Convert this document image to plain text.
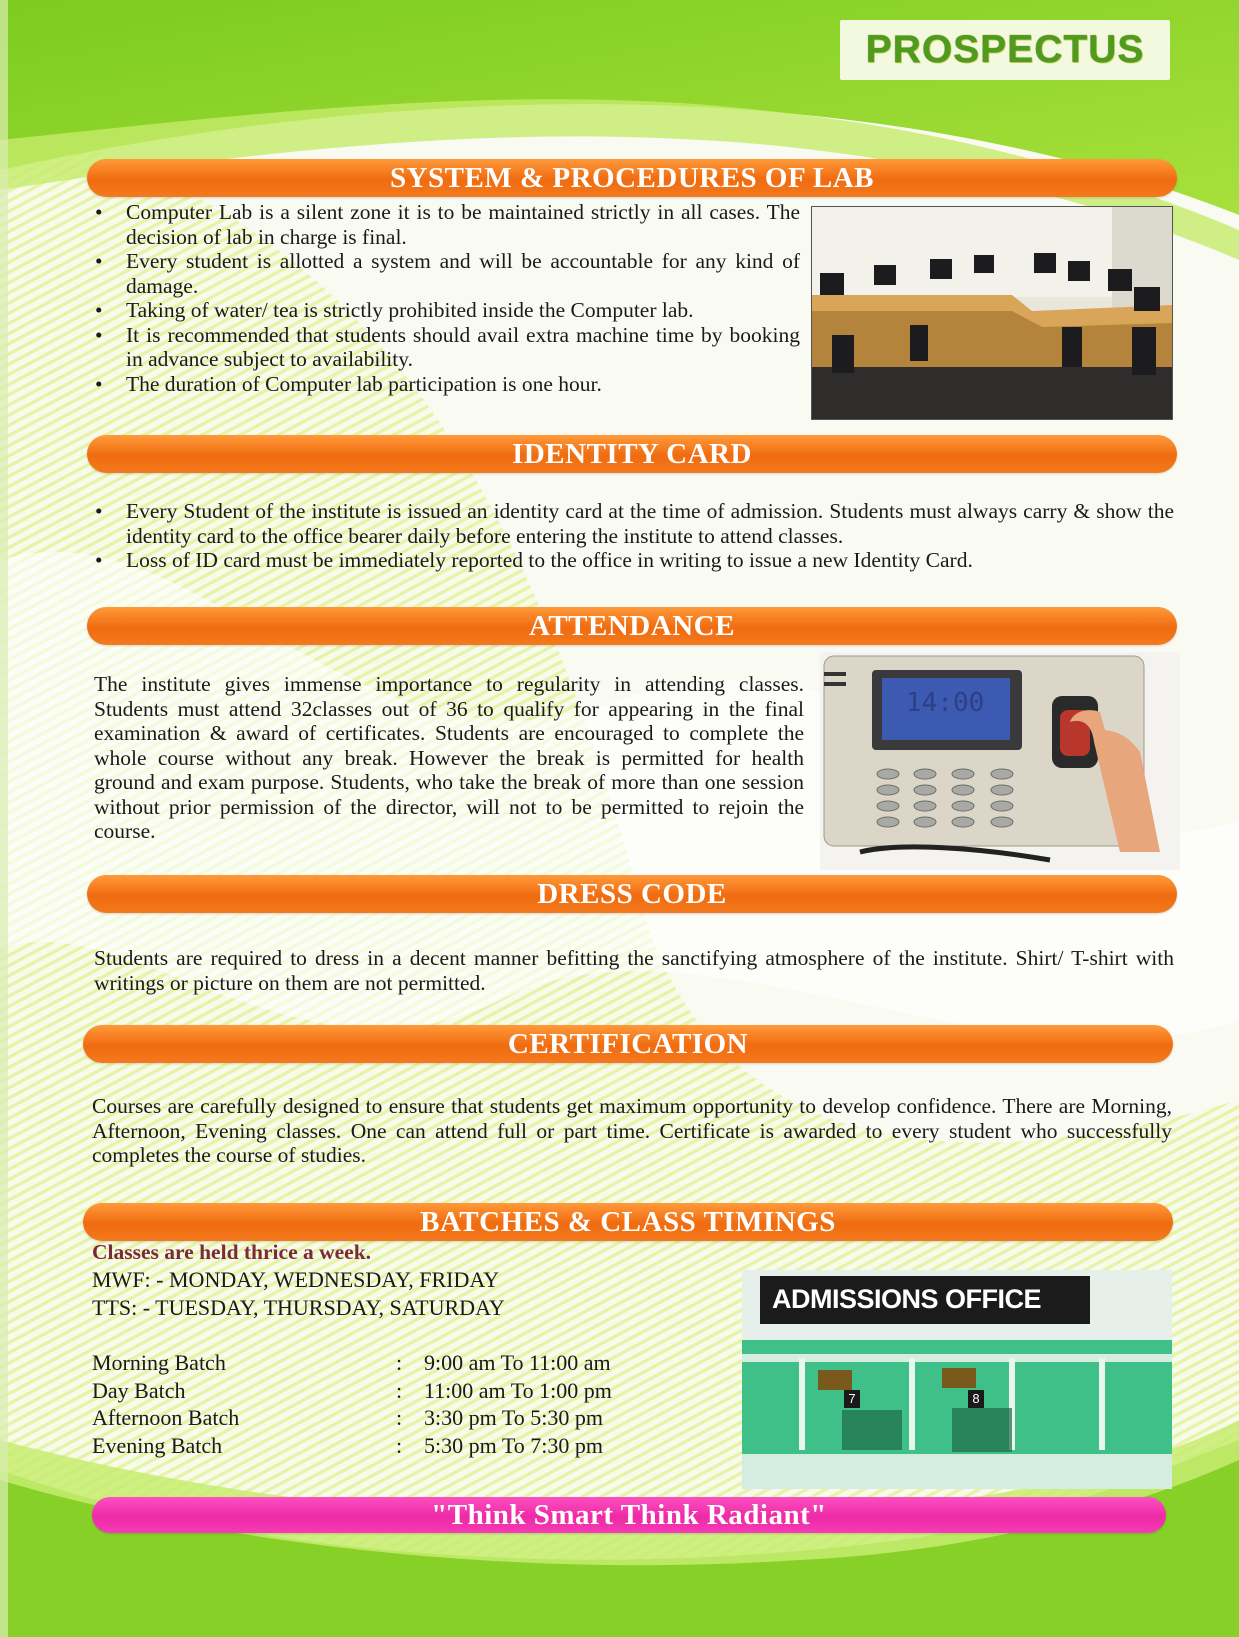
PROSPECTUS
SYSTEM & PROCEDURES OF LAB
• Computer Lab is a silent zone it is to be maintained strictly in all cases. The decision of lab in charge is final.
• Every student is allotted a system and will be accountable for any kind of damage.
• Taking of water/ tea is strictly prohibited inside the Computer lab.
• It is recommended that students should avail extra machine time by booking in advance subject to availability.
• The duration of Computer lab participation is one hour.
IDENTITY CARD
• Every Student of the institute is issued an identity card at the time of admission. Students must always carry & show the identity card to the office bearer daily before entering the institute to attend classes.
• Loss of ID card must be immediately reported to the office in writing to issue a new Identity Card.
ATTENDANCE
The institute gives immense importance to regularity in attending classes. Students must attend 32classes out of 36 to qualify for appearing in the final examination & award of certificates. Students are encouraged to complete the whole course without any break. However the break is permitted for health ground and exam purpose. Students, who take the break of more than one session without prior permission of the director, will not to be permitted to rejoin the course.
14:00
DRESS CODE
Students are required to dress in a decent manner befitting the sanctifying atmosphere of the institute. Shirt/ T-shirt with writings or picture on them are not permitted.
CERTIFICATION
Courses are carefully designed to ensure that students get maximum opportunity to develop confidence. There are Morning, Afternoon, Evening classes. One can attend full or part time. Certificate is awarded to every student who successfully completes the course of studies.
BATCHES & CLASS TIMINGS
Classes are held thrice a week.
MWF: - MONDAY, WEDNESDAY, FRIDAY
TTS: - TUESDAY, THURSDAY, SATURDAY
Morning Batch	: 9:00 am To 11:00 am
Day Batch	: 11:00 am To 1:00 pm
Afternoon Batch	: 3:30 pm To 5:30 pm
Evening Batch	: 5:30 pm To 7:30 pm
ADMISSIONS OFFICE
7	8
"Think Smart Think Radiant"
